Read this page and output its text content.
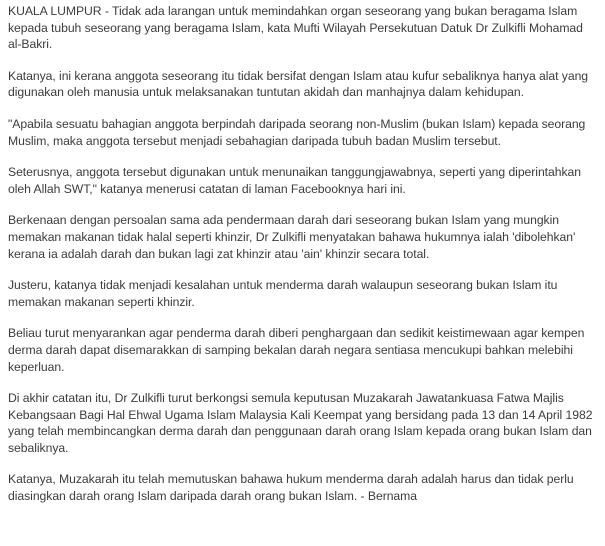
KUALA LUMPUR - Tidak ada larangan untuk memindahkan organ seseorang yang bukan beragama Islam kepada tubuh seseorang yang beragama Islam, kata Mufti Wilayah Persekutuan Datuk Dr Zulkifli Mohamad al-Bakri.

Katanya, ini kerana anggota seseorang itu tidak bersifat dengan Islam atau kufur sebaliknya hanya alat yang digunakan oleh manusia untuk melaksanakan tuntutan akidah dan manhajnya dalam kehidupan.

"Apabila sesuatu bahagian anggota berpindah daripada seorang non-Muslim (bukan Islam) kepada seorang Muslim, maka anggota tersebut menjadi sebahagian daripada tubuh badan Muslim tersebut.

Seterusnya, anggota tersebut digunakan untuk menunaikan tanggungjawabnya, seperti yang diperintahkan oleh Allah SWT," katanya menerusi catatan di laman Facebooknya hari ini.

Berkenaan dengan persoalan sama ada pendermaan darah dari seseorang bukan Islam yang mungkin memakan makanan tidak halal seperti khinzir, Dr Zulkifli menyatakan bahawa hukumnya ialah 'dibolehkan' kerana ia adalah darah dan bukan lagi zat khinzir atau 'ain' khinzir secara total.

Justeru, katanya tidak menjadi kesalahan untuk menderma darah walaupun seseorang bukan Islam itu memakan makanan seperti khinzir.

Beliau turut menyarankan agar penderma darah diberi penghargaan dan sedikit keistimewaan agar kempen derma darah dapat disemarakkan di samping bekalan darah negara sentiasa mencukupi bahkan melebihi keperluan.

Di akhir catatan itu, Dr Zulkifli turut berkongsi semula keputusan Muzakarah Jawatankuasa Fatwa Majlis Kebangsaan Bagi Hal Ehwal Ugama Islam Malaysia Kali Keempat yang bersidang pada 13 dan 14 April 1982 yang telah membincangkan derma darah dan penggunaan darah orang Islam kepada orang bukan Islam dan sebaliknya.

Katanya, Muzakarah itu telah memutuskan bahawa hukum menderma darah adalah harus dan tidak perlu diasingkan darah orang Islam daripada darah orang bukan Islam. - Bernama
